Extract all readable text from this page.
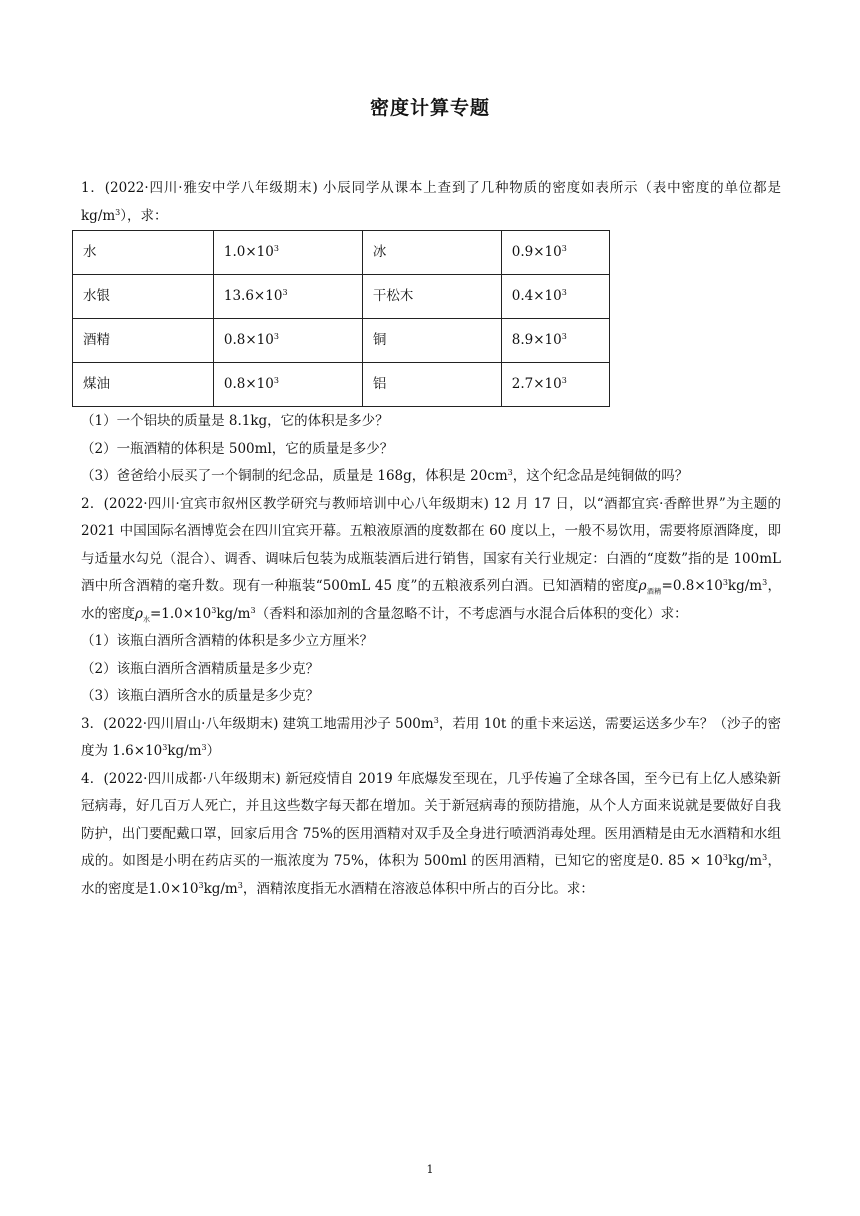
密度计算专题

1．(2022·四川·雅安中学八年级期末) 小辰同学从课本上查到了几种物质的密度如表所示（表中密度的单位都是 $kg/m^3$），求：

水	$1.0\times 10^3$	冰	$0.9\times 10^3$
水银	$13.6\times 10^3$	干松木	$0.4\times 10^3$
酒精	$0.8\times 10^3$	铜	$8.9\times 10^3$
煤油	$0.8\times 10^3$	铝	$2.7\times 10^3$

（1）一个铝块的质量是 8.1kg，它的体积是多少？

（2）一瓶酒精的体积是 500ml，它的质量是多少？

（3）爸爸给小辰买了一个铜制的纪念品，质量是 168g，体积是 $20cm^3$，这个纪念品是纯铜做的吗？

2．(2022·四川·宜宾市叙州区教学研究与教师培训中心八年级期末) 12 月 17 日，以“酒都宜宾·香醉世界”为主题的 2021 中国国际名酒博览会在四川宜宾开幕。五粮液原酒的度数都在 60 度以上，一般不易饮用，需要将原酒降度，即与适量水勾兑（混合）、调香、调味后包装为成瓶装酒后进行销售，国家有关行业规定：白酒的“度数”指的是 100mL 酒中所含酒精的毫升数。现有一种瓶装“500mL 45 度”的五粮液系列白酒。已知酒精的密度$\rho_{酒精}=0.8\times 10^3kg/m^3$，水的密度$\rho_水=1.0\times 10^3kg/m^3$（香料和添加剂的含量忽略不计，不考虑酒与水混合后体积的变化）求：

（1）该瓶白酒所含酒精的体积是多少立方厘米？

（2）该瓶白酒所含酒精质量是多少克？

（3）该瓶白酒所含水的质量是多少克？

3．(2022·四川眉山·八年级期末) 建筑工地需用沙子 $500m^3$，若用 10t 的重卡来运送，需要运送多少车？（沙子的密度为 $1.6\times 10^3kg/m^3$）

4．(2022·四川成都·八年级期末) 新冠疫情自 2019 年底爆发至现在，几乎传遍了全球各国，至今已有上亿人感染新冠病毒，好几百万人死亡，并且这些数字每天都在增加。关于新冠病毒的预防措施，从个人方面来说就是要做好自我防护，出门要配戴口罩，回家后用含 75%的医用酒精对双手及全身进行喷洒消毒处理。医用酒精是由无水酒精和水组成的。如图是小明在药店买的一瓶浓度为 75%，体积为 500ml 的医用酒精，已知它的密度是0. $85 \times 10^3kg/m^3$，水的密度是$1.0\times 10^3kg/m^3$，酒精浓度指无水酒精在溶液总体积中所占的百分比。求：

1
